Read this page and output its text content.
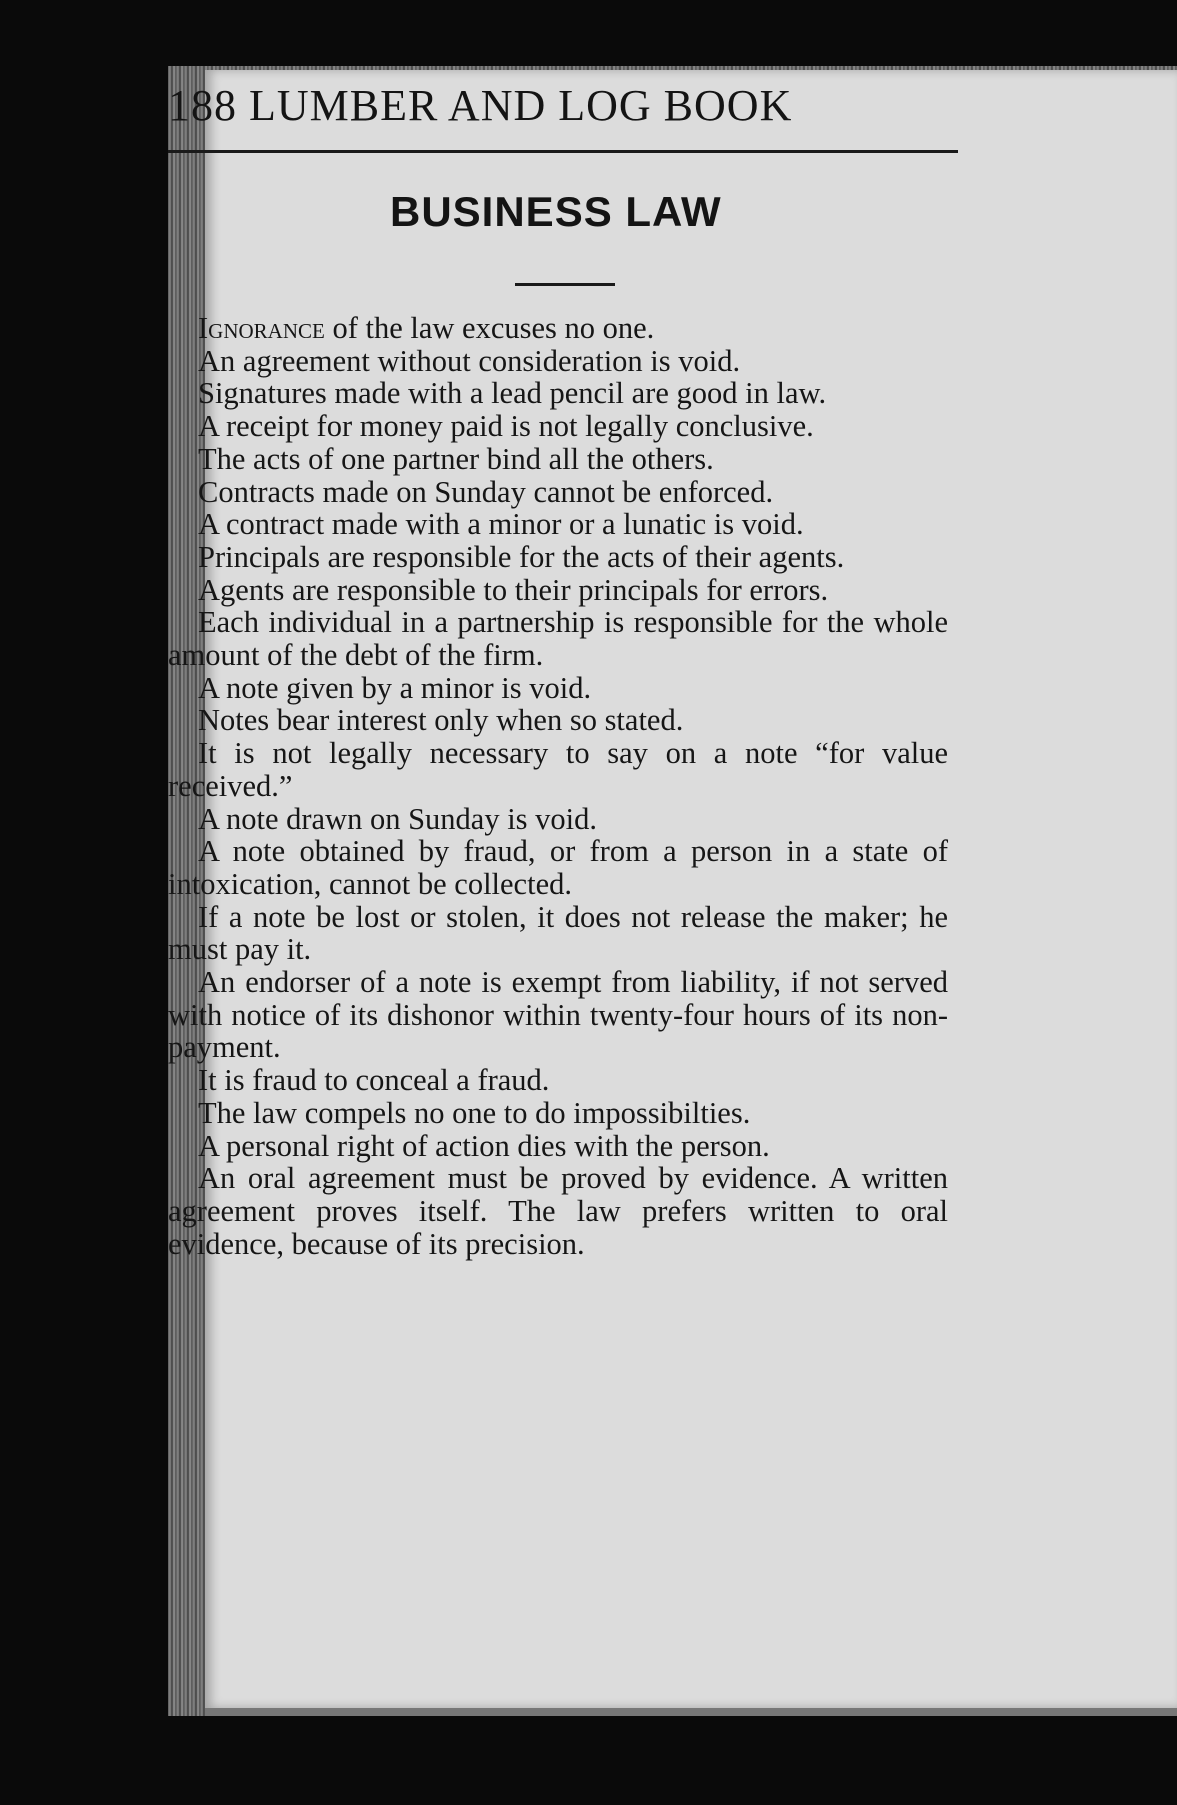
188 LUMBER AND LOG BOOK
BUSINESS LAW

Ignorance of the law excuses no one.

An agreement without consideration is void.

Signatures made with a lead pencil are good in law.

A receipt for money paid is not legally conclusive.

The acts of one partner bind all the others.

Contracts made on Sunday cannot be enforced.

A contract made with a minor or a lunatic is void.

Principals are responsible for the acts of their agents.

Agents are responsible to their principals for errors.

Each individual in a partnership is responsible for the whole amount of the debt of the firm.

A note given by a minor is void.

Notes bear interest only when so stated.

It is not legally necessary to say on a note “for value received.”

A note drawn on Sunday is void.

A note obtained by fraud, or from a person in a state of intoxication, cannot be collected.

If a note be lost or stolen, it does not release the maker; he must pay it.

An endorser of a note is exempt from liability, if not served with notice of its dishonor within twenty-four hours of its non-payment.

It is fraud to conceal a fraud.

The law compels no one to do impossibilties.

A personal right of action dies with the person.

An oral agreement must be proved by evidence. A written agreement proves itself. The law prefers written to oral evidence, because of its precision.
